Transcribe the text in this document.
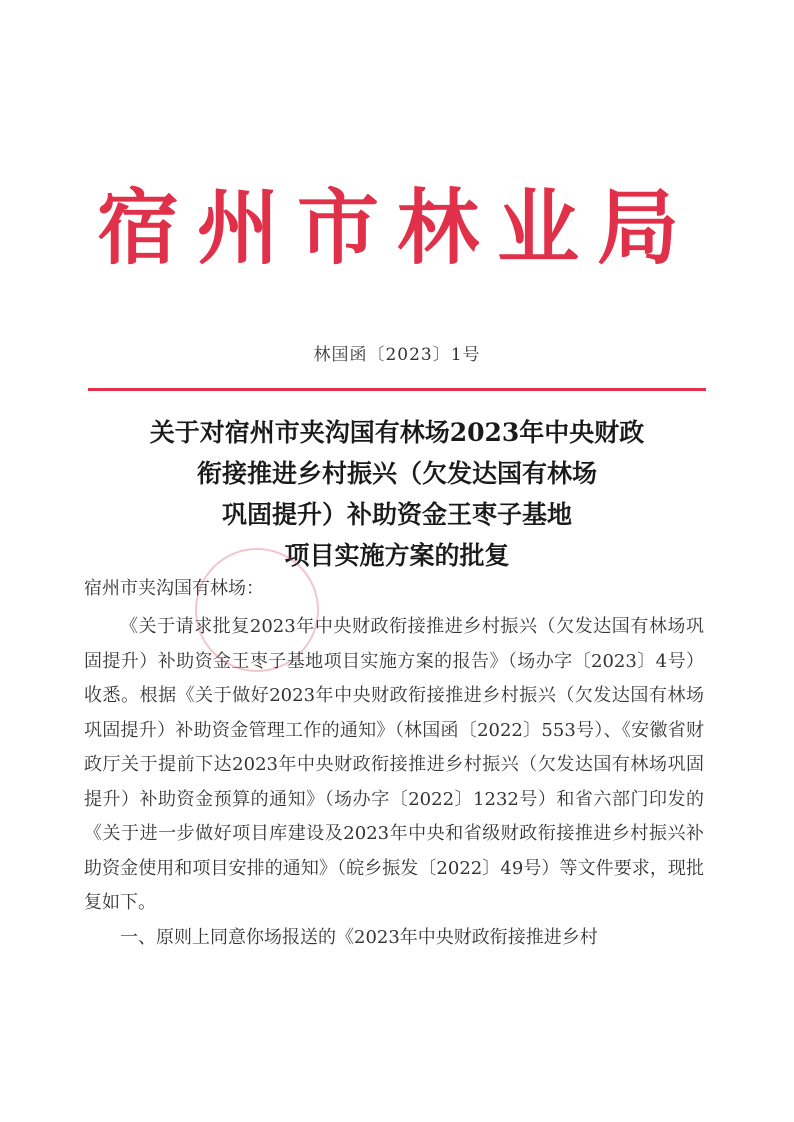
宿州市林业局
林国函〔2023〕1号
关于对宿州市夹沟国有林场2023年中央财政
衔接推进乡村振兴（欠发达国有林场
巩固提升）补助资金王枣子基地
项目实施方案的批复
宿州市夹沟国有林场：

《关于请求批复2023年中央财政衔接推进乡村振兴（欠发达国有林场巩固提升）补助资金王枣子基地项目实施方案的报告》（场办字〔2023〕4号）收悉。根据《关于做好2023年中央财政衔接推进乡村振兴（欠发达国有林场巩固提升）补助资金管理工作的通知》（林国函〔2022〕553号）、《安徽省财政厅关于提前下达2023年中央财政衔接推进乡村振兴（欠发达国有林场巩固提升）补助资金预算的通知》（场办字〔2022〕1232号）和省六部门印发的《关于进一步做好项目库建设及2023年中央和省级财政衔接推进乡村振兴补助资金使用和项目安排的通知》（皖乡振发〔2022〕49号）等文件要求，现批复如下。

一、原则上同意你场报送的《2023年中央财政衔接推进乡村
